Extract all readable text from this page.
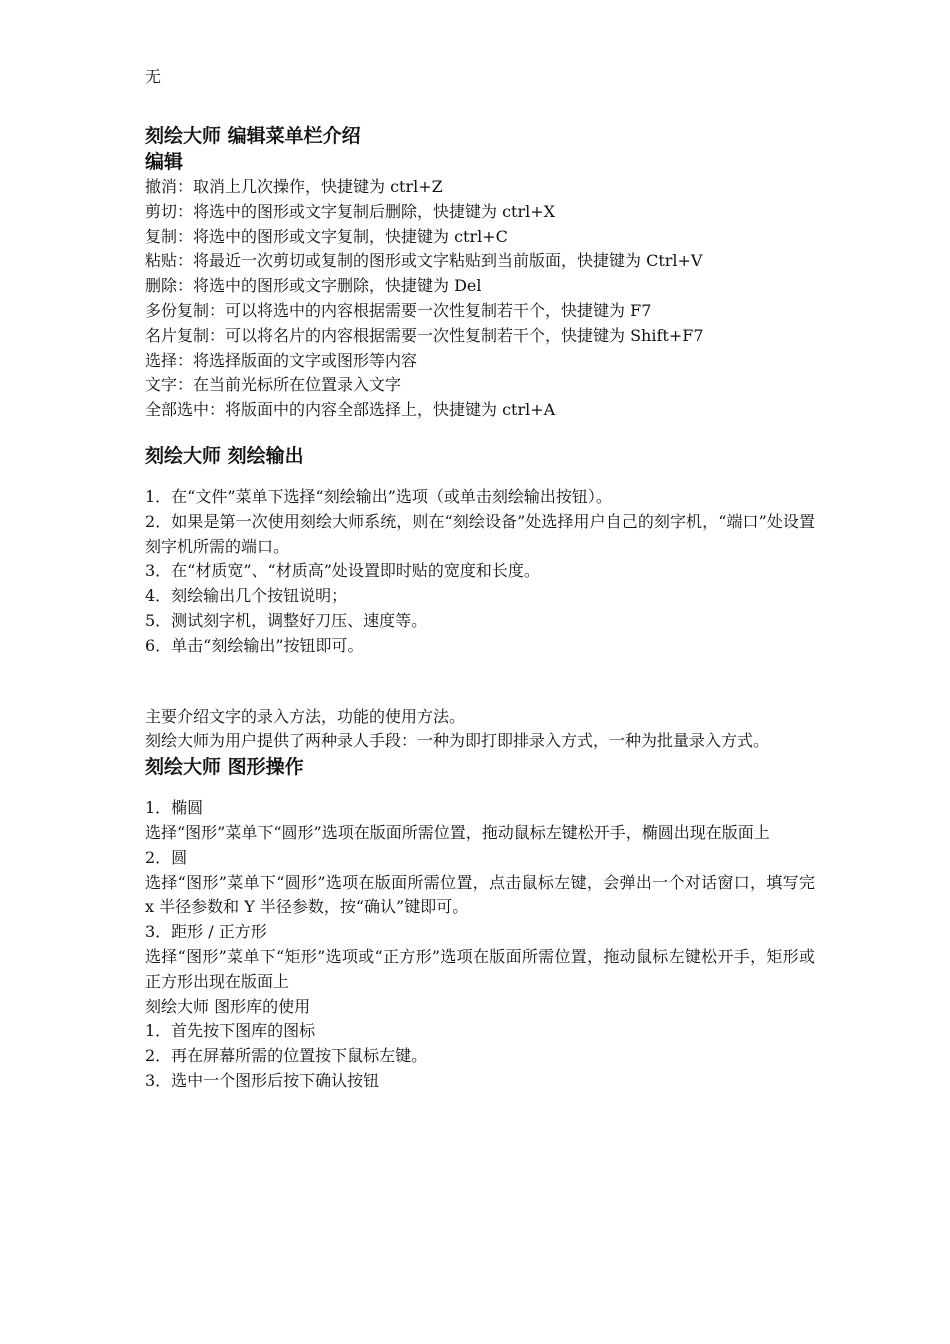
无

刻绘大师 编辑菜单栏介绍

编辑

撤消：取消上几次操作，快捷键为 ctrl+Z

剪切：将选中的图形或文字复制后删除，快捷键为 ctrl+X

复制：将选中的图形或文字复制，快捷键为 ctrl+C

粘贴：将最近一次剪切或复制的图形或文字粘贴到当前版面，快捷键为 Ctrl+V

删除：将选中的图形或文字删除，快捷键为 Del

多份复制：可以将选中的内容根据需要一次性复制若干个，快捷键为 F7

名片复制：可以将名片的内容根据需要一次性复制若干个，快捷键为 Shift+F7

选择：将选择版面的文字或图形等内容

文字：在当前光标所在位置录入文字

全部选中：将版面中的内容全部选择上，快捷键为 ctrl+A

刻绘大师 刻绘输出

1．在“文件”菜单下选择“刻绘输出”选项（或单击刻绘输出按钮）。

2．如果是第一次使用刻绘大师系统，则在“刻绘设备”处选择用户自己的刻字机，“端口”处设置刻字机所需的端口。

3．在“材质宽”、“材质高”处设置即时贴的宽度和长度。

4．刻绘输出几个按钮说明；

5．测试刻字机，调整好刀压、速度等。

6．单击“刻绘输出”按钮即可。

主要介绍文字的录入方法，功能的使用方法。

刻绘大师为用户提供了两种录人手段：一种为即打即排录入方式，一种为批量录入方式。

刻绘大师 图形操作

1．椭圆

选择“图形”菜单下“圆形”选项在版面所需位置，拖动鼠标左键松开手，椭圆出现在版面上

2．圆

选择“图形”菜单下“圆形”选项在版面所需位置，点击鼠标左键，会弹出一个对话窗口，填写完 x 半径参数和 Y 半径参数，按“确认”键即可。

3．距形 / 正方形

选择“图形”菜单下“矩形”选项或“正方形”选项在版面所需位置，拖动鼠标左键松开手，矩形或正方形出现在版面上

刻绘大师 图形库的使用

1．首先按下图库的图标

2．再在屏幕所需的位置按下鼠标左键。

3．选中一个图形后按下确认按钮
